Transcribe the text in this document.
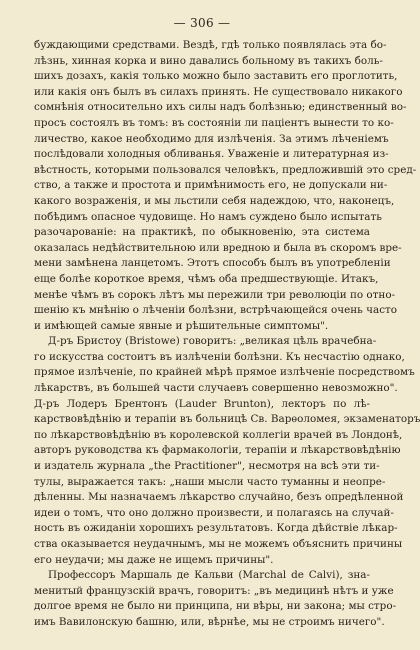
— 306 —
буждающими средствами. Вездѣ, гдѣ только появлялась эта бо-
лѣзнь, хинная корка и вино давались больному въ такихъ боль-
шихъ дозахъ, какія только можно было заставить его проглотить,
или какія онъ былъ въ силахъ принять. Не существовало никакого
сомнѣнія относительно ихъ силы надъ болѣзнью; единственный во-
просъ состоялъ въ томъ: въ состояніи ли паціентъ вынести то ко-
личество, какое необходимо для излѣченія. За этимъ лѣченіемъ
послѣдовали холодныя обливанья. Уваженіе и литературная из-
вѣстность, которыми пользовался человѣкъ, предложившій это сред-
ство, а также и простота и примѣнимость его, не допускали ни-
какого возраженія, и мы льстили себя надеждою, что, наконецъ,
побѣдимъ опасное чудовище. Но намъ суждено было испытать
разочарованіе: на практикѣ, по обыкновенію, эта система
оказалась недѣйствительною или вредною и была въ скоромъ вре-
мени замѣнена ланцетомъ. Этотъ способъ былъ въ употребленіи
еще болѣе короткое время, чѣмъ оба предшествующіе. Итакъ,
менѣе чѣмъ въ сорокъ лѣтъ мы пережили три революціи по отно-
шенію къ мнѣнію о лѣченіи болѣзни, встрѣчающейся очень часто
и имѣющей самые явные и рѣшительные симптомы".
Д-ръ Бристоу (Bristowe) говоритъ: „великая цѣль врачебна-
го искусства состоитъ въ излѣченіи болѣзни. Къ несчастію однако,
прямое излѣченіе, по крайней мѣрѣ прямое излѣченіе посредствомъ
лѣкарствъ, въ большей части случаевъ совершенно невозможно".
Д-ръ Лодеръ Брентонъ (Lauder Brunton), лекторъ по лѣ-
карствовѣдѣнію и терапіи въ больницѣ Св. Варѳоломея, экзаменаторъ
по лѣкарствовѣдѣнію въ королевской коллегіи врачей въ Лондонѣ,
авторъ руководства къ фармакологіи, терапіи и лѣкарствовѣдѣнію
и издатель журнала „the Practitioner", несмотря на всѣ эти ти-
тулы, выражается такъ: „наши мысли часто туманны и неопре-
дѣленны. Мы назначаемъ лѣкарство случайно, безъ опредѣленной
идеи о томъ, что оно должно произвести, и полагаясь на случай-
ность въ ожиданіи хорошихъ результатовъ. Когда дѣйствіе лѣкар-
ства оказывается неудачнымъ, мы не можемъ объяснить причины
его неудачи; мы даже не ищемъ причины".
Профессоръ Маршаль де Кальви (Marchal de Calvi), зна-
менитый французскій врачъ, говоритъ: „въ медицинѣ нѣтъ и уже
долгое время не было ни принципа, ни вѣры, ни закона; мы стро-
имъ Вавилонскую башню, или, вѣрнѣе, мы не строимъ ничего".
